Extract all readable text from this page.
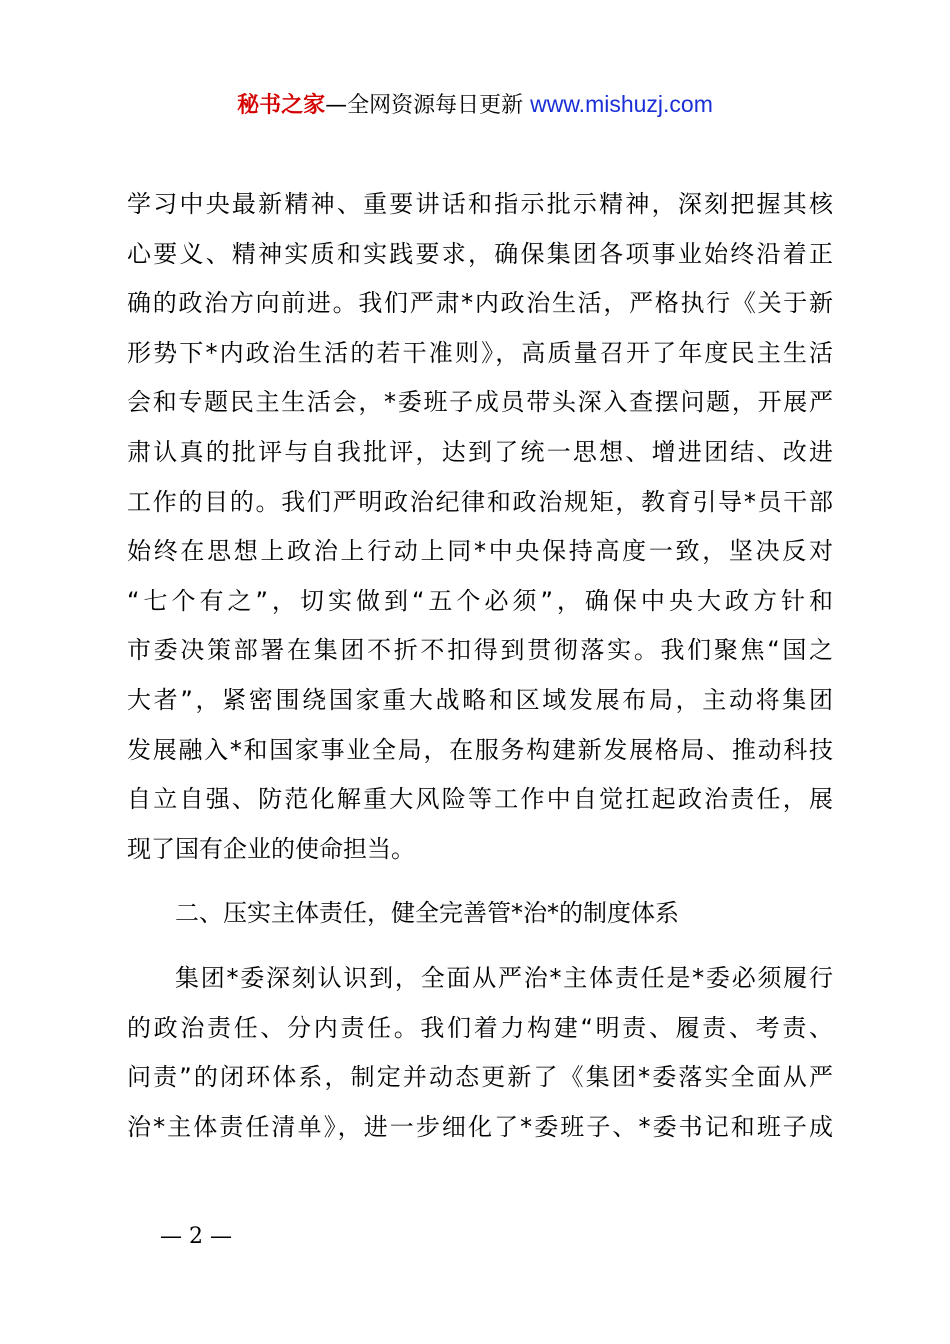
秘书之家—全网资源每日更新 www.mishuzj.com
学习中央最新精神、重要讲话和指示批示精神，深刻把握其核
心要义、精神实质和实践要求，确保集团各项事业始终沿着正
确的政治方向前进。我们严肃*内政治生活，严格执行《关于新
形势下*内政治生活的若干准则》，高质量召开了年度民主生活
会和专题民主生活会，*委班子成员带头深入查摆问题，开展严
肃认真的批评与自我批评，达到了统一思想、增进团结、改进
工作的目的。我们严明政治纪律和政治规矩，教育引导*员干部
始终在思想上政治上行动上同*中央保持高度一致，坚决反对
“七个有之”，切实做到“五个必须”，确保中央大政方针和
市委决策部署在集团不折不扣得到贯彻落实。我们聚焦“国之
大者”，紧密围绕国家重大战略和区域发展布局，主动将集团
发展融入*和国家事业全局，在服务构建新发展格局、推动科技
自立自强、防范化解重大风险等工作中自觉扛起政治责任，展
现了国有企业的使命担当。
二、压实主体责任，健全完善管*治*的制度体系
集团*委深刻认识到，全面从严治*主体责任是*委必须履行
的政治责任、分内责任。我们着力构建“明责、履责、考责、
问责”的闭环体系，制定并动态更新了《集团*委落实全面从严
治*主体责任清单》，进一步细化了*委班子、*委书记和班子成
— 2 —
